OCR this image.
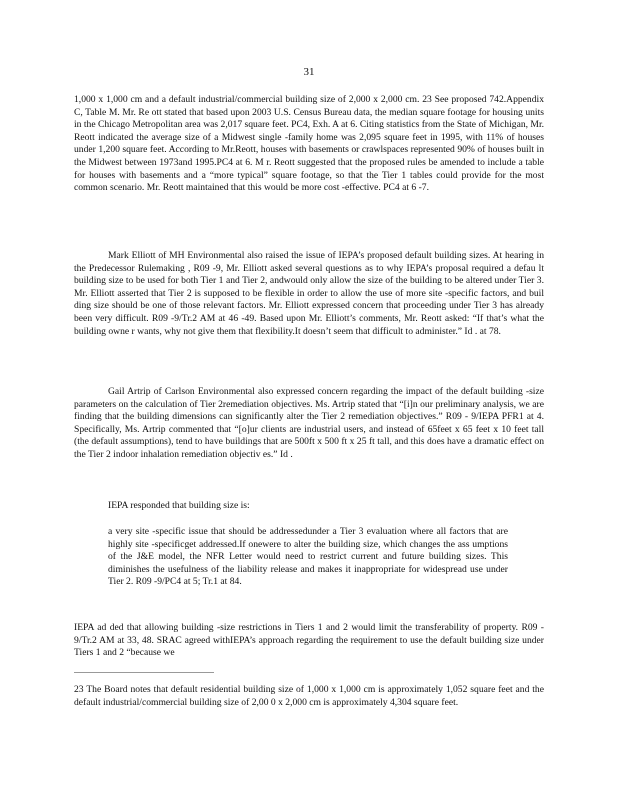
31

1,000 x 1,000 cm and a default industrial/commercial building size of 2,000 x 2,000 cm. 23 See proposed 742.Appendix C, Table M. Mr. Re ott stated that based upon 2003 U.S. Census Bureau data, the median square footage for housing units in the Chicago Metropolitan area was 2,017 square feet. PC4, Exh. A at 6. Citing statistics from the State of Michigan, Mr. Reott indicated the average size of a Midwest single -family home was 2,095 square feet in 1995, with 11% of houses under 1,200 square feet. According to Mr.Reott, houses with basements or crawlspaces represented 90% of houses built in the Midwest between 1973and 1995.PC4 at 6. M r. Reott suggested that the proposed rules be amended to include a table for houses with basements and a “more typical” square footage, so that the Tier 1 tables could provide for the most common scenario. Mr. Reott maintained that this would be more cost -effective. PC4 at 6 -7.

Mark Elliott of MH Environmental also raised the issue of IEPA’s proposed default building sizes. At hearing in the Predecessor Rulemaking , R09 -9, Mr. Elliott asked several questions as to why IEPA’s proposal required a defau lt building size to be used for both Tier 1 and Tier 2, andwould only allow the size of the building to be altered under Tier 3. Mr. Elliott asserted that Tier 2 is supposed to be flexible in order to allow the use of more site -specific factors, and buil ding size should be one of those relevant factors. Mr. Elliott expressed concern that proceeding under Tier 3 has already been very difficult. R09 -9/Tr.2 AM at 46 -49. Based upon Mr. Elliott’s comments, Mr. Reott asked: “If that’s what the building owne r wants, why not give them that flexibility.It doesn’t seem that difficult to administer.” Id . at 78.

Gail Artrip of Carlson Environmental also expressed concern regarding the impact of the default building -size parameters on the calculation of Tier 2remediation objectives. Ms. Artrip stated that “[i]n our preliminary analysis, we are finding that the building dimensions can significantly alter the Tier 2 remediation objectives.” R09 - 9/IEPA PFR1 at 4. Specifically, Ms. Artrip commented that “[o]ur clients are industrial users, and instead of 65feet x 65 feet x 10 feet tall (the default assumptions), tend to have buildings that are 500ft x 500 ft x 25 ft tall, and this does have a dramatic effect on the Tier 2 indoor inhalation remediation objectiv es.” Id .

IEPA responded that building size is:

a very site -specific issue that should be addressedunder a Tier 3 evaluation where all factors that are highly site -specificget addressed.If onewere to alter the building size, which changes the ass umptions of the J&E model, the NFR Letter would need to restrict current and future building sizes. This diminishes the usefulness of the liability release and makes it inappropriate for widespread use under Tier 2. R09 -9/PC4 at 5; Tr.1 at 84.

IEPA ad ded that allowing building -size restrictions in Tiers 1 and 2 would limit the transferability of property. R09 - 9/Tr.2 AM at 33, 48. SRAC agreed withIEPA’s approach regarding the requirement to use the default building size under Tiers 1 and 2 “because we

23 The Board notes that default residential building size of 1,000 x 1,000 cm is approximately 1,052 square feet and the default industrial/commercial building size of 2,00 0 x 2,000 cm is approximately 4,304 square feet.
